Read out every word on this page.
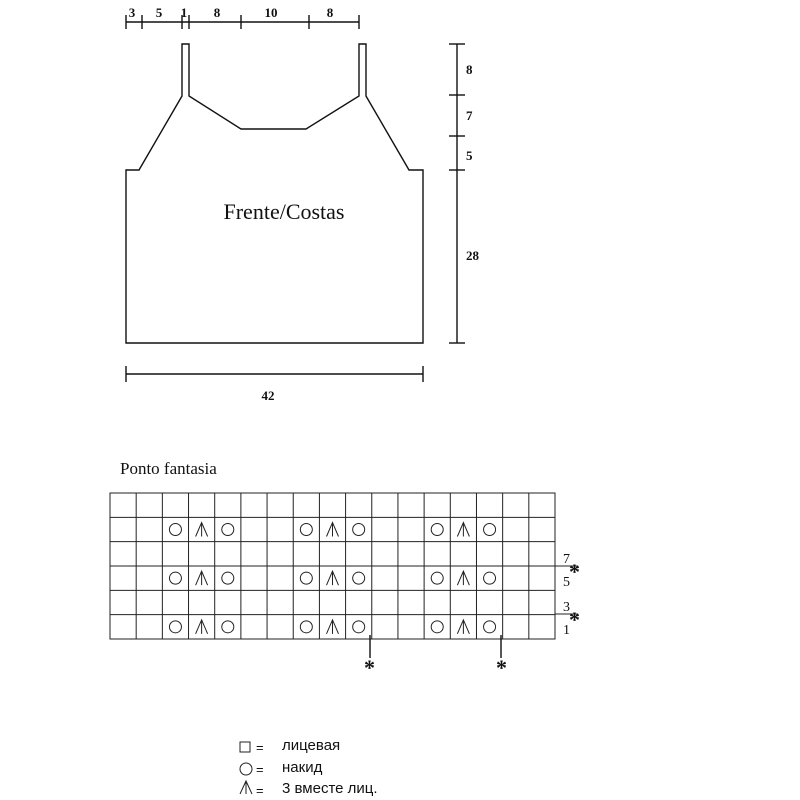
Frente/Costas
3 5 1 8	10	8
8
7
5
28
42
Ponto fantasia
7
5
3
1
*
*
*	*
= лицевая
= накид
= 3 вместе лиц.
